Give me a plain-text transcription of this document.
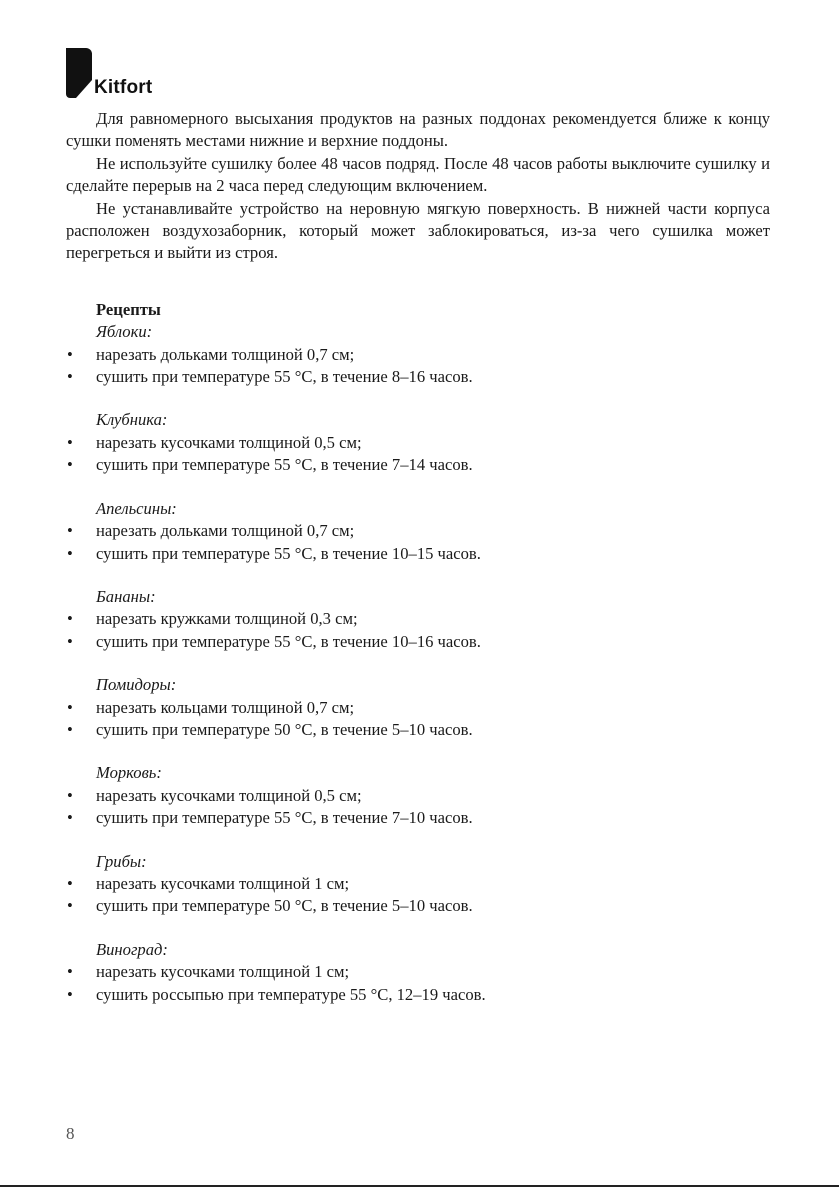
Kitfort

Для равномерного высыхания продуктов на разных поддонах рекомендуется ближе к концу сушки поменять местами нижние и верхние поддоны.

Не используйте сушилку более 48 часов подряд. После 48 часов работы выключите сушилку и сделайте перерыв на 2 часа перед следующим включением.

Не устанавливайте устройство на неровную мягкую поверхность. В нижней части корпуса расположен воздухозаборник, который может заблокироваться, из-за чего сушилка может перегреться и выйти из строя.

Рецепты
Яблоки:
• нарезать дольками толщиной 0,7 см;
• сушить при температуре 55 °С, в течение 8–16 часов.
Клубника:
• нарезать кусочками толщиной 0,5 см;
• сушить при температуре 55 °С, в течение 7–14 часов.
Апельсины:
• нарезать дольками толщиной 0,7 см;
• сушить при температуре 55 °С, в течение 10–15 часов.
Бананы:
• нарезать кружками толщиной 0,3 см;
• сушить при температуре 55 °С, в течение 10–16 часов.
Помидоры:
• нарезать кольцами толщиной 0,7 см;
• сушить при температуре 50 °С, в течение 5–10 часов.
Морковь:
• нарезать кусочками толщиной 0,5 см;
• сушить при температуре 55 °С, в течение 7–10 часов.
Грибы:
• нарезать кусочками толщиной 1 см;
• сушить при температуре 50 °С, в течение 5–10 часов.
Виноград:
• нарезать кусочками толщиной 1 см;
• сушить россыпью при температуре 55 °С, 12–19 часов.
8
